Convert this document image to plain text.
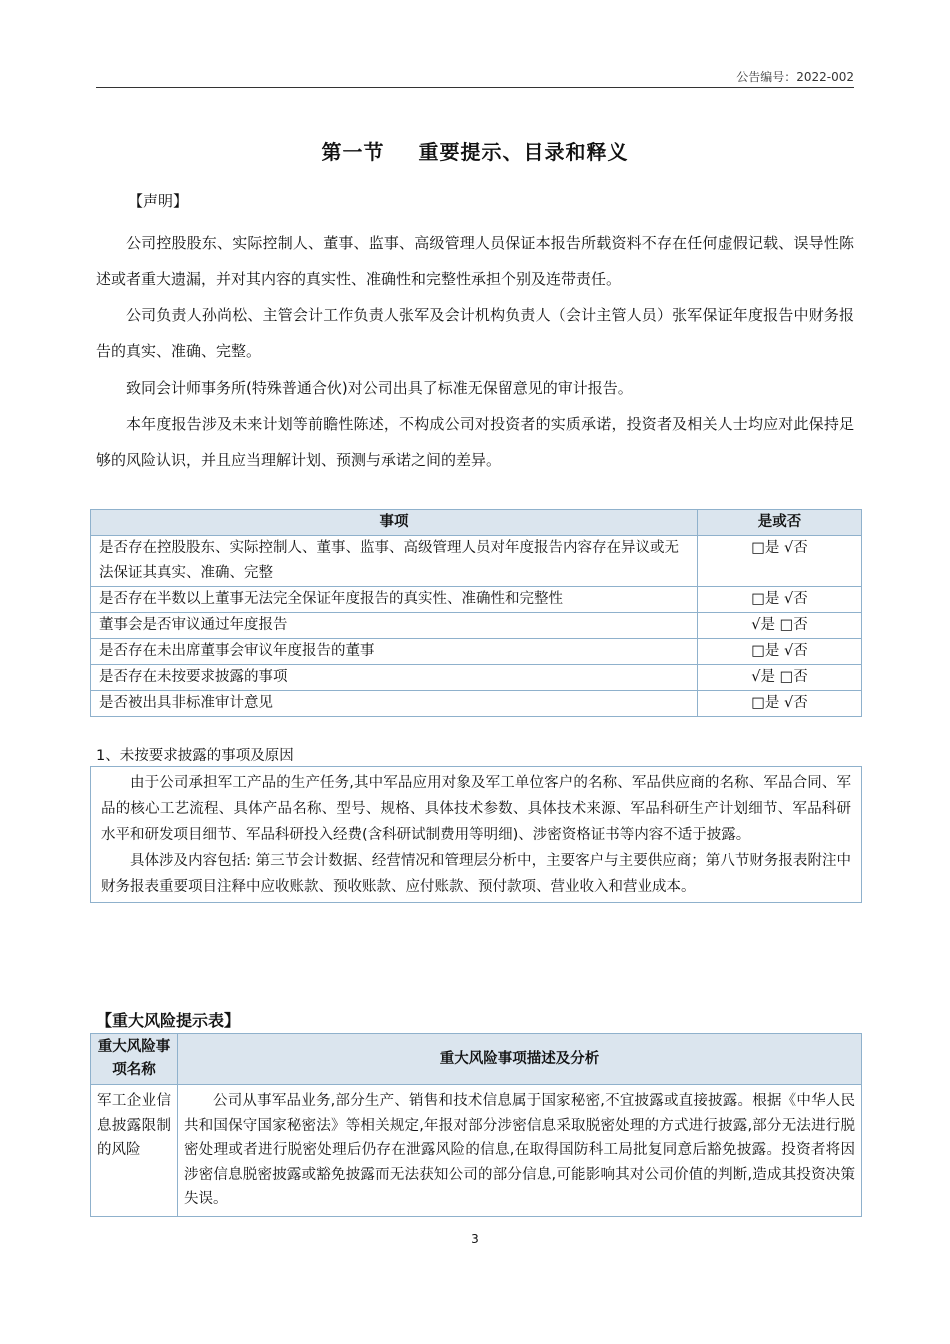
公告编号：2022-002
第一节 重要提示、目录和释义
【声明】
公司控股股东、实际控制人、董事、监事、高级管理人员保证本报告所载资料不存在任何虚假记载、误导性陈述或者重大遗漏，并对其内容的真实性、准确性和完整性承担个别及连带责任。
公司负责人孙尚松、主管会计工作负责人张军及会计机构负责人（会计主管人员）张军保证年度报告中财务报告的真实、准确、完整。
致同会计师事务所(特殊普通合伙)对公司出具了标准无保留意见的审计报告。
本年度报告涉及未来计划等前瞻性陈述，不构成公司对投资者的实质承诺，投资者及相关人士均应对此保持足够的风险认识，并且应当理解计划、预测与承诺之间的差异。
事项	是或否
是否存在控股股东、实际控制人、董事、监事、高级管理人员对年度报告内容存在异议或无法保证其真实、准确、完整	□是 √否
是否存在半数以上董事无法完全保证年度报告的真实性、准确性和完整性	□是 √否
董事会是否审议通过年度报告	√是 □否
是否存在未出席董事会审议年度报告的董事	□是 √否
是否存在未按要求披露的事项	√是 □否
是否被出具非标准审计意见	□是 √否
1、未按要求披露的事项及原因

由于公司承担军工产品的生产任务,其中军品应用对象及军工单位客户的名称、军品供应商的名称、军品合同、军品的核心工艺流程、具体产品名称、型号、规格、具体技术参数、具体技术来源、军品科研生产计划细节、军品科研水平和研发项目细节、军品科研投入经费(含科研试制费用等明细)、涉密资格证书等内容不适于披露。

具体涉及内容包括: 第三节会计数据、经营情况和管理层分析中，主要客户与主要供应商；第八节财务报表附注中财务报表重要项目注释中应收账款、预收账款、应付账款、预付款项、营业收入和营业成本。

【重大风险提示表】
重大风险事项名称	重大风险事项描述及分析
军工企业信息披露限制的风险	公司从事军品业务,部分生产、销售和技术信息属于国家秘密,不宜披露或直接披露。根据《中华人民共和国保守国家秘密法》等相关规定,年报对部分涉密信息采取脱密处理的方式进行披露,部分无法进行脱密处理或者进行脱密处理后仍存在泄露风险的信息,在取得国防科工局批复同意后豁免披露。投资者将因涉密信息脱密披露或豁免披露而无法获知公司的部分信息,可能影响其对公司价值的判断,造成其投资决策失误。

3
